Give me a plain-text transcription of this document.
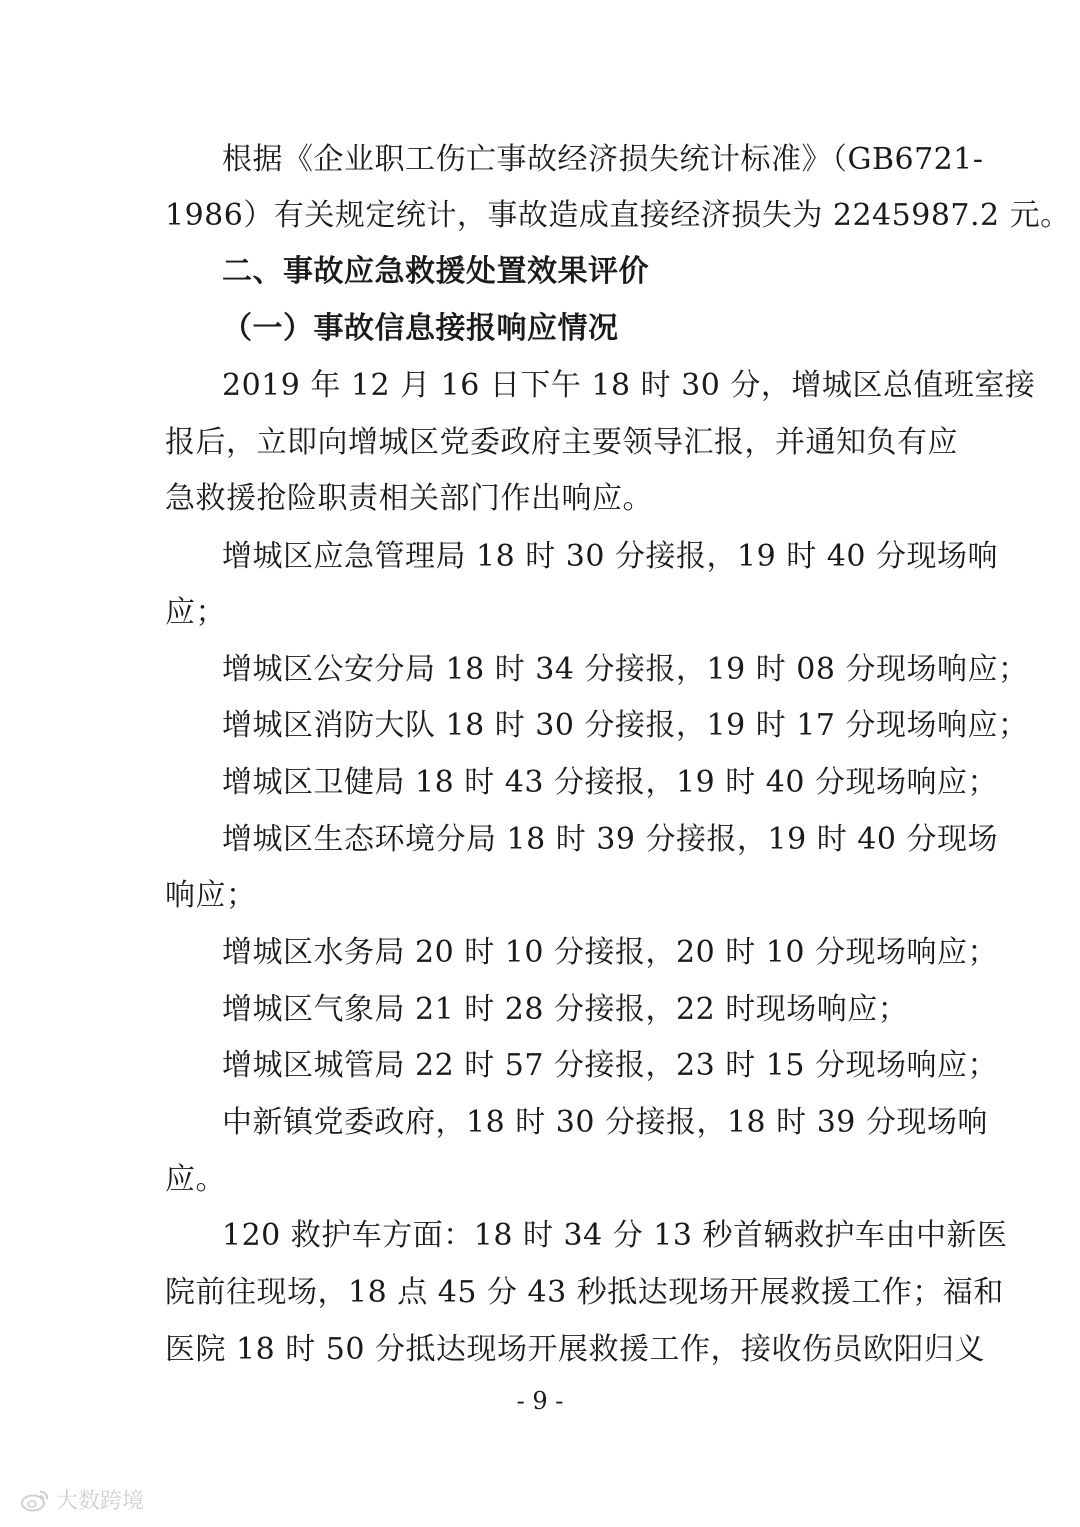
根据《企业职工伤亡事故经济损失统计标准》（GB6721-
1986）有关规定统计，事故造成直接经济损失为 2245987.2 元。
二、事故应急救援处置效果评价
（一）事故信息接报响应情况
2019 年 12 月 16 日下午 18 时 30 分，增城区总值班室接
报后，立即向增城区党委政府主要领导汇报，并通知负有应
急救援抢险职责相关部门作出响应。
增城区应急管理局 18 时 30 分接报，19 时 40 分现场响
应；
增城区公安分局 18 时 34 分接报，19 时 08 分现场响应；
增城区消防大队 18 时 30 分接报，19 时 17 分现场响应；
增城区卫健局 18 时 43 分接报，19 时 40 分现场响应；
增城区生态环境分局 18 时 39 分接报，19 时 40 分现场
响应；
增城区水务局 20 时 10 分接报，20 时 10 分现场响应；
增城区气象局 21 时 28 分接报，22 时现场响应；
增城区城管局 22 时 57 分接报，23 时 15 分现场响应；
中新镇党委政府，18 时 30 分接报，18 时 39 分现场响
应。
120 救护车方面：18 时 34 分 13 秒首辆救护车由中新医
院前往现场，18 点 45 分 43 秒抵达现场开展救援工作；福和
医院 18 时 50 分抵达现场开展救援工作，接收伤员欧阳归义
- 9 -
大数跨境
